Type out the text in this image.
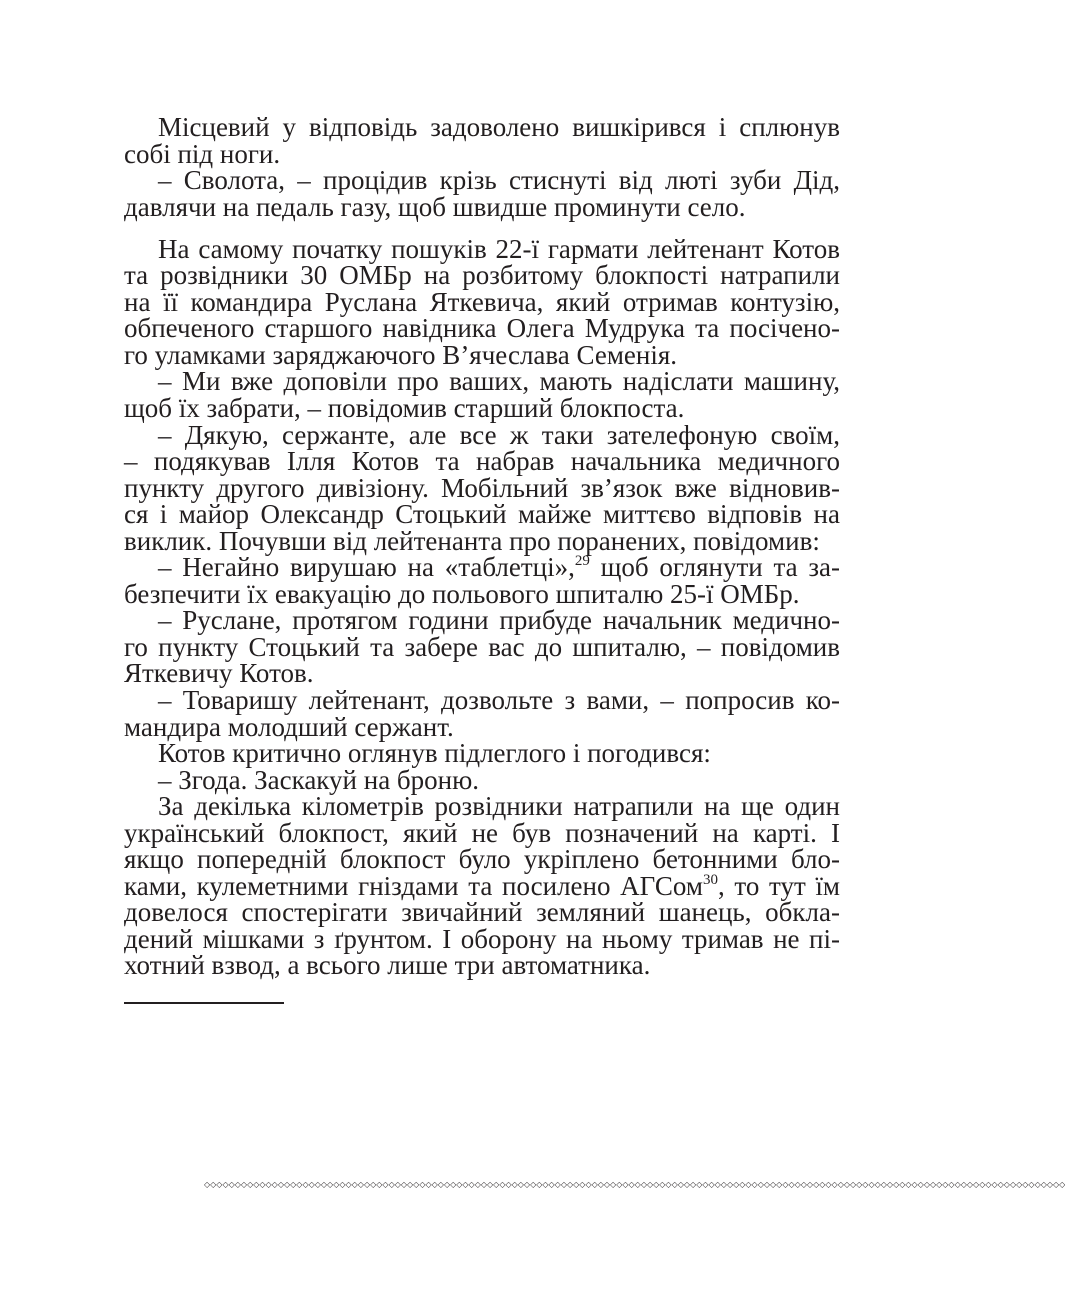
Місцевий у відповідь задоволено вишкірився і сплюнув
собі під ноги.
– Сволота, – процідив крізь стиснуті від люті зуби Дід,
давлячи на педаль газу, щоб швидше проминути село.
На самому початку пошуків 22-ї гармати лейтенант Котов
та розвідники 30 ОМБр на розбитому блокпості натрапили
на її командира Руслана Яткевича, який отримав контузію,
обпеченого старшого навідника Олега Мудрука та посічено-
го уламками заряджаючого В’ячеслава Семенія.
– Ми вже доповіли про ваших, мають надіслати машину,
щоб їх забрати, – повідомив старший блокпоста.
– Дякую, сержанте, але все ж таки зателефоную своїм,
– подякував Ілля Котов та набрав начальника медичного
пункту другого дивізіону. Мобільний зв’язок вже відновив-
ся і майор Олександр Стоцький майже миттєво відповів на
виклик. Почувши від лейтенанта про поранених, повідомив:
– Негайно вирушаю на «таблетці»,$^{29}$ щоб оглянути та за-
безпечити їх евакуацію до польового шпиталю 25-ї ОМБр.
– Руслане, протягом години прибуде начальник медично-
го пункту Стоцький та забере вас до шпиталю, – повідомив
Яткевичу Котов.
– Товаришу лейтенант, дозвольте з вами, – попросив ко-
мандира молодший сержант.
Котов критично оглянув підлеглого і погодився:
– Згода. Заскакуй на броню.
За декілька кілометрів розвідники натрапили на ще один
український блокпост, який не був позначений на карті. І
якщо попередній блокпост було укріплено бетонними бло-
ками, кулеметними гніздами та посилено АГСом$^{30}$, то тут їм
довелося спостерігати звичайний земляний шанець, обкла-
дений мішками з ґрунтом. І оборону на ньому тримав не пі-
хотний взвод, а всього лише три автоматника.
◇◇◇◇◇◇◇◇◇◇◇◇◇◇◇◇◇◇◇◇◇◇◇◇◇◇◇◇◇◇◇◇◇◇◇◇◇◇◇◇◇◇◇◇◇◇◇◇◇◇◇◇◇◇◇◇◇◇◇◇◇◇◇◇◇◇◇◇◇◇◇◇◇◇◇◇◇◇◇◇◇◇◇◇◇◇◇◇◇◇◇◇◇◇◇◇◇◇◇◇◇◇◇◇◇◇◇◇◇◇◇◇◇◇◇◇◇◇◇◇◇◇◇◇◇◇◇◇◇◇◇◇◇◇◇◇◇◇◇◇
